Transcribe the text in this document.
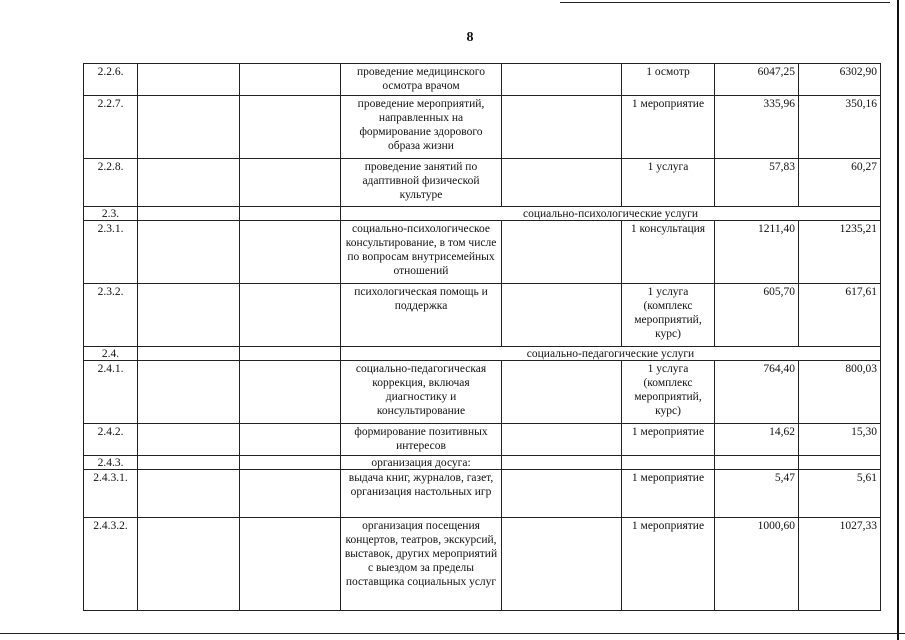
8
2.2.6.			проведение медицинского осмотра врачом		1 осмотр	6047,25	6302,90
2.2.7.			проведение мероприятий, направленных на формирование здорового образа жизни		1 мероприятие	335,96	350,16
2.2.8.			проведение занятий по адаптивной физической культуре		1 услуга	57,83	60,27
2.3.			социально-психологические услуги				
2.3.1.			социально-психологическое консультирование, в том числе по вопросам внутрисемейных отношений		1 консультация	1211,40	1235,21
2.3.2.			психологическая помощь и поддержка		1 услуга (комплекс мероприятий, курс)	605,70	617,61
2.4.			социально-педагогические услуги				
2.4.1.			социально-педагогическая коррекция, включая диагностику и консультирование		1 услуга (комплекс мероприятий, курс)	764,40	800,03
2.4.2.			формирование позитивных интересов		1 мероприятие	14,62	15,30
2.4.3.			организация досуга:				
2.4.3.1.			выдача книг, журналов, газет, организация настольных игр		1 мероприятие	5,47	5,61
2.4.3.2.			организация посещения концертов, театров, экскурсий, выставок, других мероприятий с выездом за пределы поставщика социальных услуг		1 мероприятие	1000,60	1027,33
